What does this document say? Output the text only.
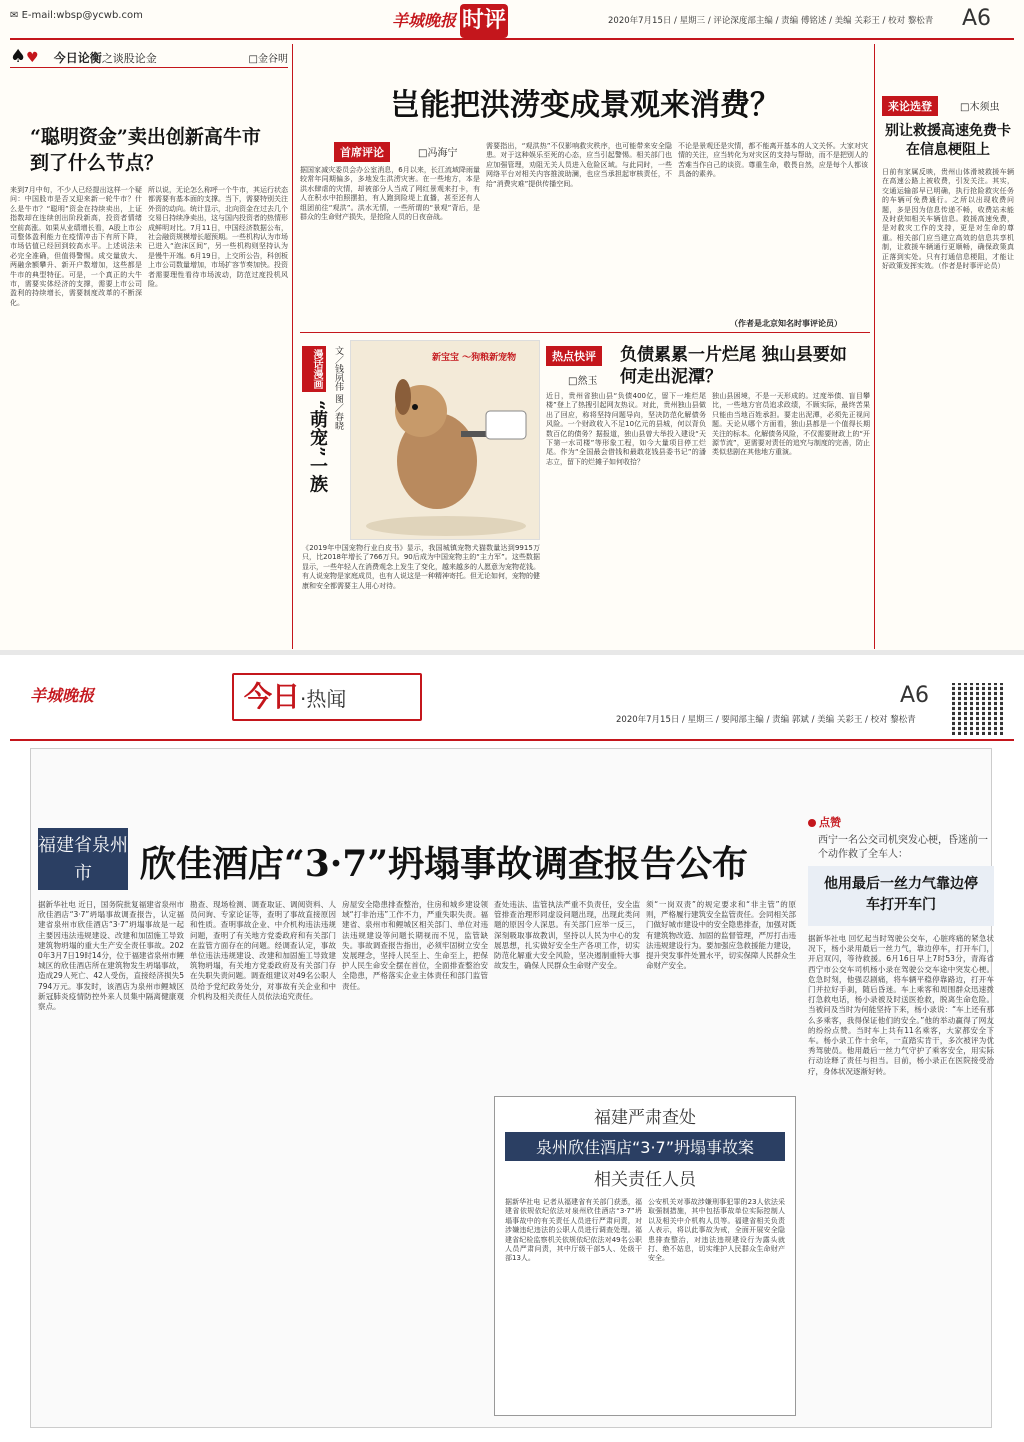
✉ E-mail:wbsp@ycwb.com	羊城晚报 时评	2020年7月15日 / 星期三 / 评论深度部主编 / 责编 傅铭述 / 美编 关彩王 / 校对 黎松青 A6
♠♥ 今日论衡之谈股论金	□金谷明
“聪明资金”卖出创新高牛市到了什么节点？
来到7月中旬，不少人已经提出这样一个疑问：中国股市是否又迎来新一轮牛市？什么是牛市？“聪明”资金在持续卖出，上证指数却在连续创出阶段新高，投资者情绪空前高涨。如果从业绩增长看，A股上市公司整体盈利能力在疫情冲击下有所下降，市场估值已经回到较高水平。上述说法未必完全准确，但值得警惕。成交量放大、两融余额攀升、新开户数增加，这些都是牛市的典型特征。可是，一个真正的大牛市，需要实体经济的支撑，需要上市公司盈利的持续增长，需要制度改革的不断深化。
所以说，无论怎么称呼一个牛市，其运行状态都需要有基本面的支撑。当下，需要特别关注外资的动向。统计显示，北向资金在过去几个交易日持续净卖出，这与国内投资者的热情形成鲜明对比。7月11日，中国经济数据公布，社会融资规模增长超预期。一些机构认为市场已进入“泡沫区间”，另一些机构则坚持认为是慢牛开端。6月19日，上交所公告，科创板上市公司数量增加，市场扩容节奏加快。投资者需要理性看待市场波动，防范过度投机风险。
岂能把洪涝变成景观来消费？
首席评论	□冯海宁
据国家减灾委员会办公室消息，6月以来，长江流域降雨量较常年同期偏多，多地发生洪涝灾害。在一些地方，本是洪水肆虐的灾情，却被部分人当成了网红景观来打卡，有人在积水中拍照摆拍，有人跑到险堤上直播，甚至还有人组团前往“观洪”。洪水无情，一些所谓的“景观”背后，是群众的生命财产损失，是抢险人员的日夜奋战。
需要指出，“观洪热”不仅影响救灾秩序，也可能带来安全隐患。对于这种娱乐至死的心态，应当引起警惕。相关部门也应加强管理，劝阻无关人员进入危险区域。与此同时，一些网络平台对相关内容推波助澜，也应当承担起审核责任，不给“消费灾难”提供传播空间。
不论是景观还是灾情，都不能离开基本的人文关怀。大家对灾情的关注，应当转化为对灾区的支持与帮助，而不是把别人的苦难当作自己的谈资。尊重生命，敬畏自然，应是每个人都该具备的素养。
（作者是北京知名时事评论员）
漫话漫画
“萌宠”一族
文／钱夙伟 图／春晓	新宝宝 ～狗粮新宠物
《2019年中国宠物行业白皮书》显示，我国城镇宠物犬猫数量达到9915万只，比2018年增长了766万只。90后成为中国宠物主的“主力军”。这些数据显示，一些年轻人在消费观念上发生了变化，越来越多的人愿意为宠物花钱。有人说宠物是家庭成员，也有人说这是一种精神寄托。但无论如何，宠物的健康和安全都需要主人用心对待。
热点快评
□然玉
负债累累一片烂尾 独山县要如何走出泥潭？
近日，贵州省独山县“负债400亿，留下一堆烂尾楼”登上了热搜引起网友热议。对此，贵州独山县做出了回应，称将坚持问题导向，坚决防范化解债务风险。一个财政收入不足10亿元的县城，何以背负数百亿的债务？据报道，独山县曾大举投入建设“天下第一水司楼”等形象工程，如今大量项目停工烂尾。作为“全国最会借钱和最敢花钱县委书记”的潘志立，留下的烂摊子如何收拾？
独山县困境，不是一天形成的。过度举债、盲目攀比，一些地方官员追求政绩，不顾实际，最终苦果只能由当地百姓承担。要走出泥潭，必须先正视问题。天论从哪个方面看，独山县都是一个值得长期关注的标本。化解债务风险，不仅需要财政上的“开源节流”，更需要对责任的追究与制度的完善，防止类似悲剧在其他地方重演。
来论选登	□木须虫
别让救援高速免费卡在信息梗阻上
日前有家属反映，贵州山体滑坡救援车辆在高速公路上被收费，引发关注。其实，交通运输部早已明确，执行抢险救灾任务的车辆可免费通行。之所以出现收费问题，多是因为信息传递不畅，收费站未能及时获知相关车辆信息。救援高速免费，是对救灾工作的支持，更是对生命的尊重。相关部门应当建立高效的信息共享机制，让救援车辆通行更顺畅，确保政策真正落到实处。只有打通信息梗阻，才能让好政策发挥实效。（作者是时事评论员）
羊城晚报	今日·热闻	A6
2020年7月15日 / 星期三 / 要闻部主编 / 责编 郭斌 / 美编 关彩王 / 校对 黎松青
福建省泉州市	欣佳酒店“3·7”坍塌事故调查报告公布
据新华社电 近日，国务院批复福建省泉州市欣佳酒店“3·7”坍塌事故调查报告，认定福建省泉州市欣佳酒店“3·7”坍塌事故是一起主要因违法违规建设、改建和加固施工导致建筑物坍塌的重大生产安全责任事故。2020年3月7日19时14分，位于福建省泉州市鲤城区的欣佳酒店所在建筑物发生坍塌事故，造成29人死亡、42人受伤，直接经济损失5794万元。事发时，该酒店为泉州市鲤城区新冠肺炎疫情防控外来人员集中隔离健康观察点。
勘查、现场检测、调查取证、调阅资料、人员问询、专家论证等，查明了事故直接原因和性质。查明事故企业、中介机构违法违规问题，查明了有关地方党委政府和有关部门在监管方面存在的问题。经调查认定，事故单位违法违规建设、改建和加固施工导致建筑物坍塌，有关地方党委政府及有关部门存在失职失责问题。调查组建议对49名公职人员给予党纪政务处分，对事故有关企业和中介机构及相关责任人员依法追究责任。
房屋安全隐患排查整治，住房和城乡建设领域“打非治违”工作不力，严重失职失责。福建省、泉州市和鲤城区相关部门、单位对违法违规建设等问题长期视而不见，监管缺失。事故调查报告指出，必须牢固树立安全发展理念，坚持人民至上、生命至上，把保护人民生命安全摆在首位，全面排查整治安全隐患，严格落实企业主体责任和部门监管责任。
查处违法、监管执法严重不负责任，安全监管排查治理形同虚设问题出现，出现此类问题的原因令人深思。有关部门应举一反三，深刻吸取事故教训，坚持以人民为中心的发展思想，扎实做好安全生产各项工作，切实防范化解重大安全风险，坚决遏制重特大事故发生，确保人民群众生命财产安全。
须“一岗双责”的规定要求和“非主管”的原则，严格履行建筑安全监管责任。会同相关部门做好城市建设中的安全隐患排查，加强对既有建筑物改造、加固的监督管理，严厉打击违法违规建设行为。要加强应急救援能力建设，提升突发事件处置水平，切实保障人民群众生命财产安全。
福建严肃查处
泉州欣佳酒店“3·7”坍塌事故案
相关责任人员
据新华社电 记者从福建省有关部门获悉，福建省依规依纪依法对泉州欣佳酒店“3·7”坍塌事故中的有关责任人员进行严肃问责，对涉嫌违纪违法的公职人员进行调查处理。福建省纪检监察机关依规依纪依法对49名公职人员严肃问责，其中厅级干部5人、处级干部13人。
公安机关对事故涉嫌刑事犯罪的23人依法采取强制措施，其中包括事故单位实际控制人以及相关中介机构人员等。福建省相关负责人表示，将以此事故为戒，全面开展安全隐患排查整治，对违法违规建设行为露头就打、绝不姑息，切实维护人民群众生命财产安全。
点赞
西宁一名公交司机突发心梗，昏迷前一个动作救了全车人：
他用最后一丝力气靠边停车打开车门
据新华社电 回忆起当时驾驶公交车，心脏疼痛的紧急状况下，杨小录用最后一丝力气，靠边停车，打开车门，开启双闪，等待救援。6月16日早上7时53分，青海省西宁市公交车司机杨小录在驾驶公交车途中突发心梗。危急时刻，他强忍剧痛，将车辆平稳停靠路边，打开车门并拉好手刹，随后昏迷。车上乘客和周围群众迅速拨打急救电话，杨小录被及时送医抢救，脱离生命危险。当被问及当时为何能坚持下来，杨小录说：“车上还有那么多乘客，我得保证他们的安全。”他的举动赢得了网友的纷纷点赞。当时车上共有11名乘客，大家都安全下车。杨小录工作十余年，一直踏实肯干，多次被评为优秀驾驶员。他用最后一丝力气守护了乘客安全，用实际行动诠释了责任与担当。目前，杨小录正在医院接受治疗，身体状况逐渐好转。
